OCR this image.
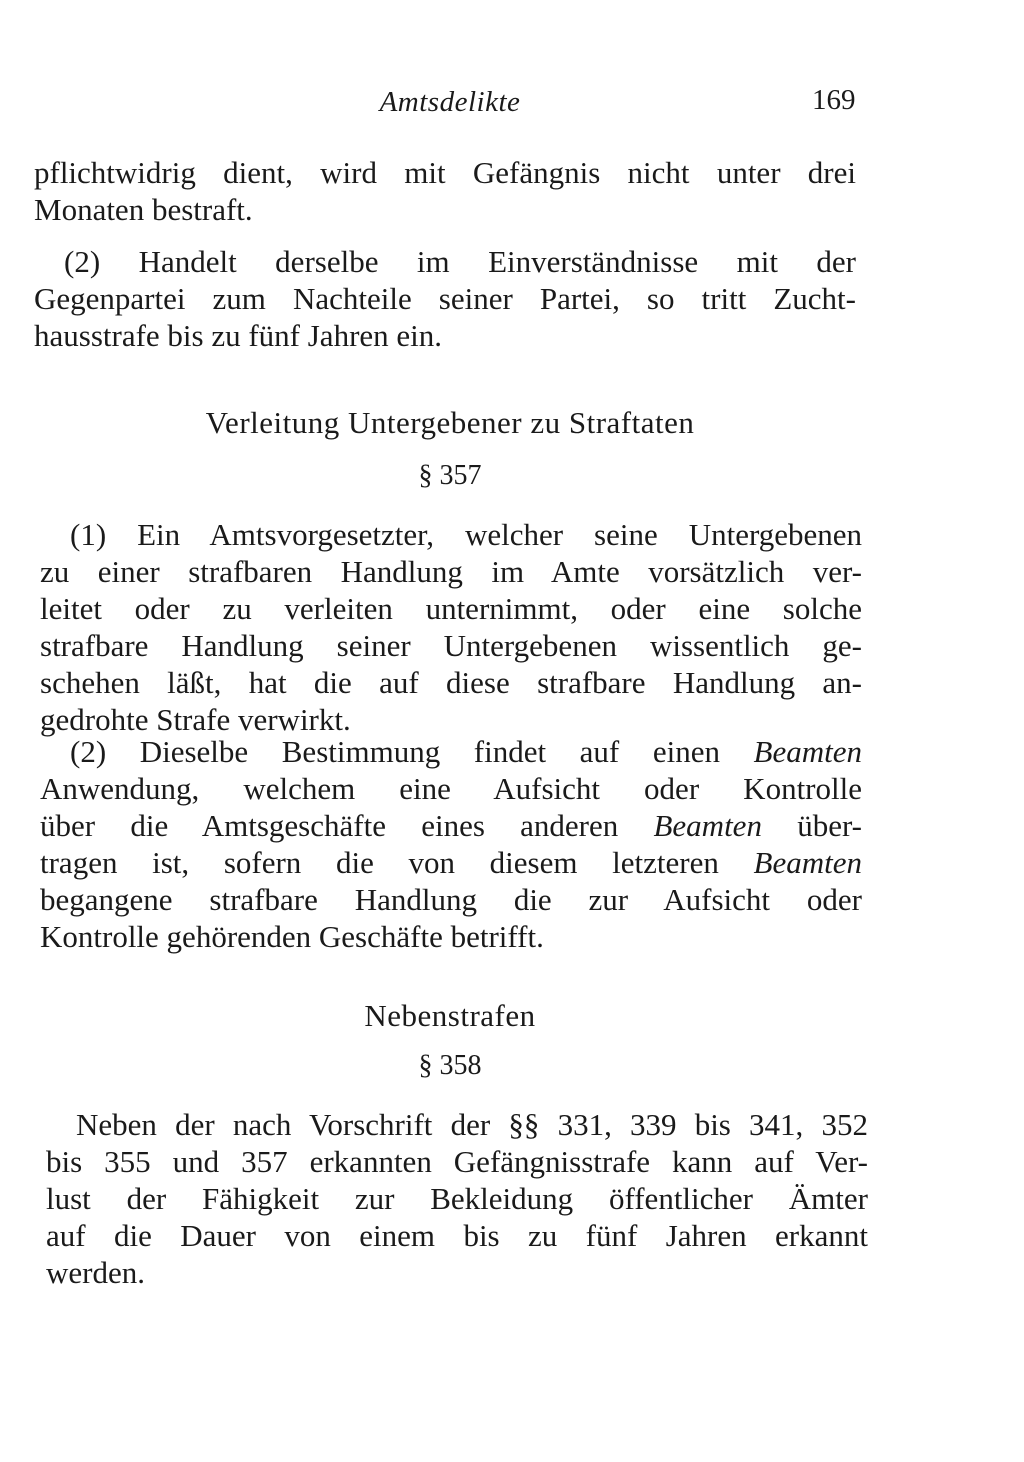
Amtsdelikte	169
pflichtwidrig dient, wird mit Gefängnis nicht unter drei
Monaten bestraft.
(2) Handelt derselbe im Einverständnisse mit der
Gegenpartei zum Nachteile seiner Partei, so tritt Zucht-
hausstrafe bis zu fünf Jahren ein.
Verleitung Untergebener zu Straftaten
§ 357
(1) Ein Amtsvorgesetzter, welcher seine Untergebenen
zu einer strafbaren Handlung im Amte vorsätzlich ver-
leitet oder zu verleiten unternimmt, oder eine solche
strafbare Handlung seiner Untergebenen wissentlich ge-
schehen läßt, hat die auf diese strafbare Handlung an-
gedrohte Strafe verwirkt.
(2) Dieselbe Bestimmung findet auf einen Beamten
Anwendung, welchem eine Aufsicht oder Kontrolle
über die Amtsgeschäfte eines anderen Beamten über-
tragen ist, sofern die von diesem letzteren Beamten
begangene strafbare Handlung die zur Aufsicht oder
Kontrolle gehörenden Geschäfte betrifft.
Nebenstrafen
§ 358
Neben der nach Vorschrift der §§ 331, 339 bis 341, 352
bis 355 und 357 erkannten Gefängnisstrafe kann auf Ver-
lust der Fähigkeit zur Bekleidung öffentlicher Ämter
auf die Dauer von einem bis zu fünf Jahren erkannt
werden.
